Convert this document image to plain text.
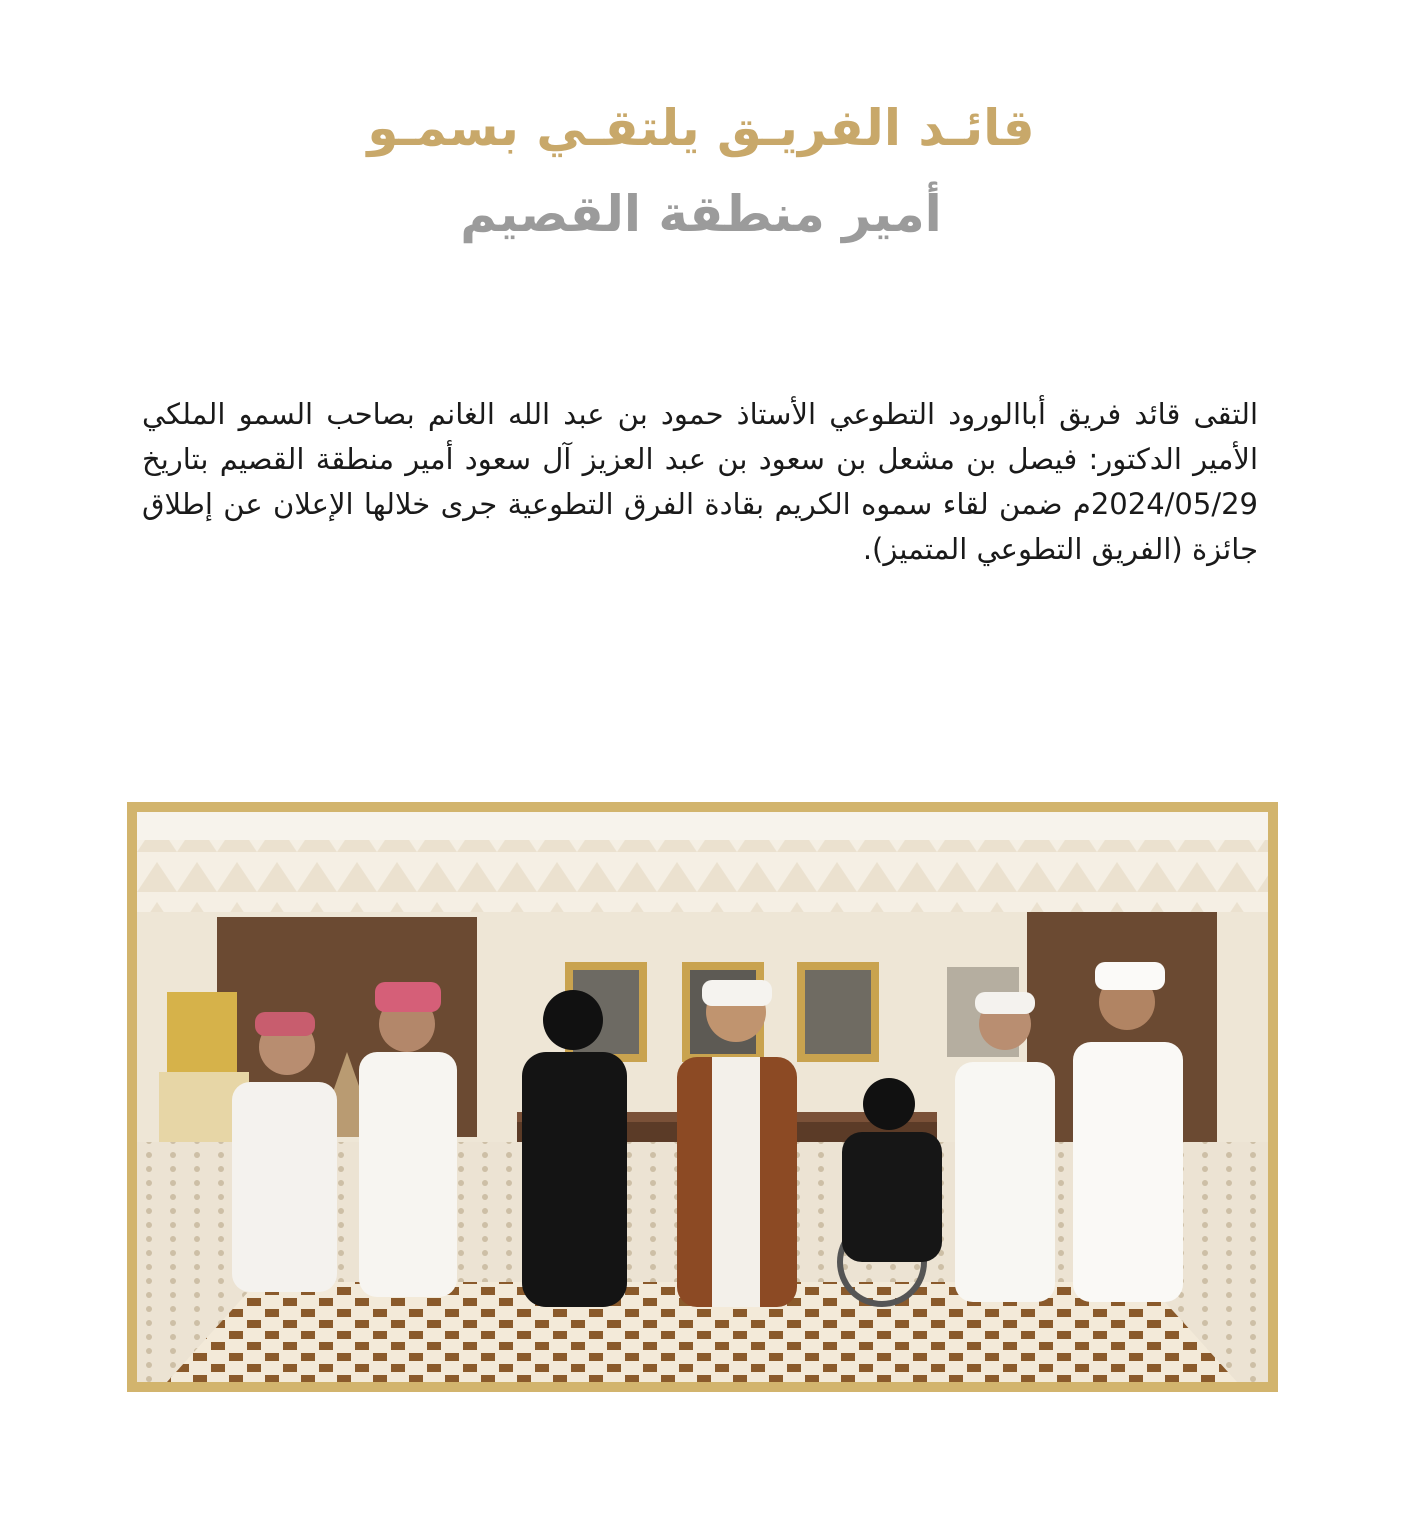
قائـد الفريـق يلتقـي بسمـو
أمير منطقة القصيم
التقى قائد فريق أباالورود التطوعي الأستاذ حمود بن عبد الله الغانم بصاحب السمو الملكي الأمير الدكتور: فيصل بن مشعل بن سعود بن عبد العزيز آل سعود أمير منطقة القصيم بتاريخ 2024/05/29م ضمن لقاء سموه الكريم بقادة الفرق التطوعية جرى خلالها الإعلان عن إطلاق جائزة (الفريق التطوعي المتميز).
